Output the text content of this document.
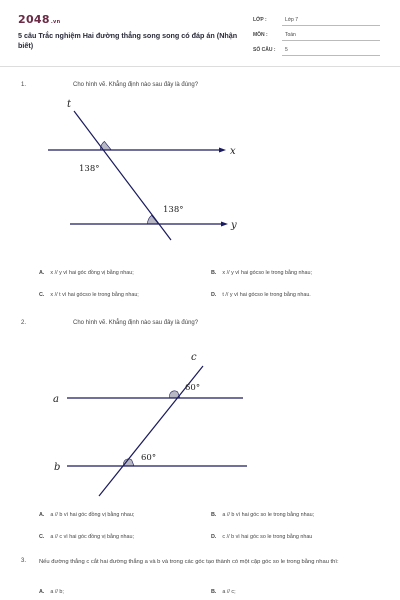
2048.vn
5 câu Trắc nghiệm Hai đường thẳng song song có đáp án (Nhận biết)
LỚP :	Lớp 7
MÔN :	Toán
SỐ CÂU : 5
1.	Cho hình vẽ. Khẳng định nào sau đây là đúng?
t
x
y
138°
138°
A. x // y vì hai góc đồng vị bằng nhau;	B. x // y vì hai gócso le trong bằng nhau;
C. x // t vì hai gócso le trong bằng nhau;	D. t // y vì hai gócso le trong bằng nhau.
2.	Cho hình vẽ. Khẳng định nào sau đây là đúng?
c
a
b
60°
60°
A. a // b vì hai góc đồng vị bằng nhau;	B. a // b vì hai góc so le trong bằng nhau;
C. a // c vì hai góc đồng vị bằng nhau;	D. c // b vì hai góc so le trong bằng nhau
3. Nếu đường thẳng c cắt hai đường thẳng a và b và trong các góc tạo thành có một cặp góc so le trong bằng nhau thì:
A. a // b;	B. a // c;
